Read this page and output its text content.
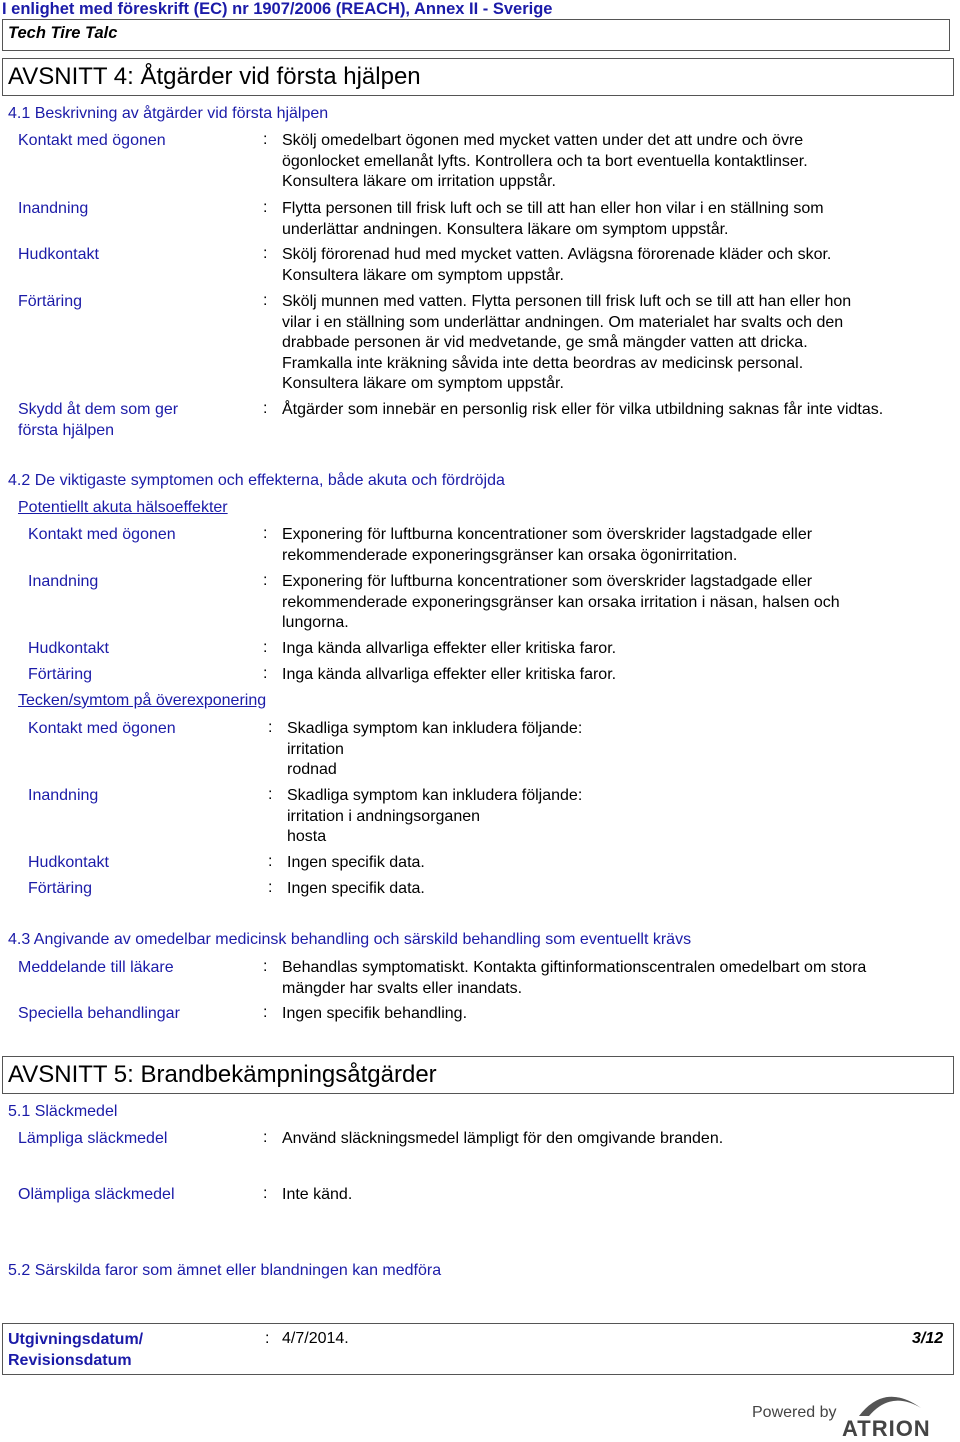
I enlighet med föreskrift (EC) nr 1907/2006 (REACH), Annex II - Sverige
Tech Tire Talc
AVSNITT 4: Åtgärder vid första hjälpen
4.1 Beskrivning av åtgärder vid första hjälpen
Kontakt med ögonen	: Skölj omedelbart ögonen med mycket vatten under det att undre och övre
ögonlocket emellanåt lyfts. Kontrollera och ta bort eventuella kontaktlinser.
Konsultera läkare om irritation uppstår.
Inandning	: Flytta personen till frisk luft och se till att han eller hon vilar i en ställning som
underlättar andningen. Konsultera läkare om symptom uppstår.
Hudkontakt	: Skölj förorenad hud med mycket vatten. Avlägsna förorenade kläder och skor.
Konsultera läkare om symptom uppstår.
Förtäring	: Skölj munnen med vatten. Flytta personen till frisk luft och se till att han eller hon
vilar i en ställning som underlättar andningen. Om materialet har svalts och den
drabbade personen är vid medvetande, ge små mängder vatten att dricka.
Framkalla inte kräkning såvida inte detta beordras av medicinsk personal.
Konsultera läkare om symptom uppstår.
Skydd åt dem som ger
första hjälpen
: Åtgärder som innebär en personlig risk eller för vilka utbildning saknas får inte vidtas.
4.2 De viktigaste symptomen och effekterna, både akuta och fördröjda
Potentiellt akuta hälsoeffekter
Kontakt med ögonen	: Exponering för luftburna koncentrationer som överskrider lagstadgade eller
rekommenderade exponeringsgränser kan orsaka ögonirritation.
Inandning	: Exponering för luftburna koncentrationer som överskrider lagstadgade eller
rekommenderade exponeringsgränser kan orsaka irritation i näsan, halsen och
lungorna.
Hudkontakt	: Inga kända allvarliga effekter eller kritiska faror.
Förtäring	: Inga kända allvarliga effekter eller kritiska faror.
Tecken/symtom på överexponering
Kontakt med ögonen	: Skadliga symptom kan inkludera följande:
irritation
rodnad
Inandning	: Skadliga symptom kan inkludera följande:
irritation i andningsorganen
hosta
Hudkontakt	: Ingen specifik data.
Förtäring	: Ingen specifik data.
4.3 Angivande av omedelbar medicinsk behandling och särskild behandling som eventuellt krävs
Meddelande till läkare	: Behandlas symptomatiskt. Kontakta giftinformationscentralen omedelbart om stora
mängder har svalts eller inandats.
Speciella behandlingar	: Ingen specifik behandling.
AVSNITT 5: Brandbekämpningsåtgärder
5.1 Släckmedel
Lämpliga släckmedel	: Använd släckningsmedel lämpligt för den omgivande branden.
Olämpliga släckmedel	: Inte känd.
5.2 Särskilda faror som ämnet eller blandningen kan medföra
Utgivningsdatum/
Revisionsdatum
: 4/7/2014.	3/12
Powered by
ATRION
